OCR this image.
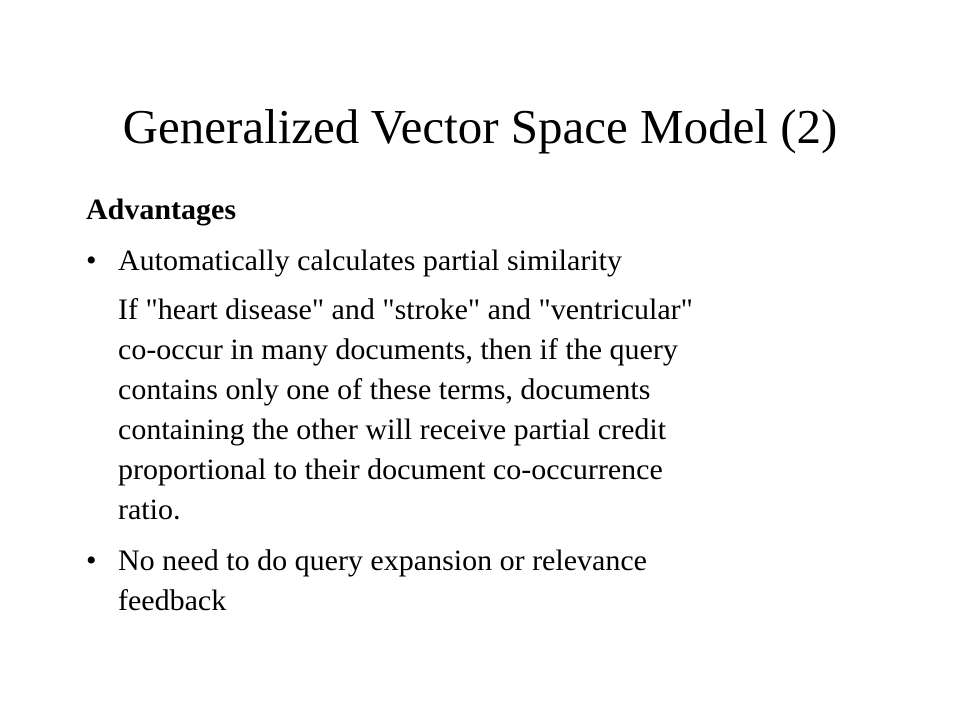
Generalized Vector Space Model (2)
Advantages
• Automatically calculates partial similarity
If "heart disease" and "stroke" and "ventricular"
co-occur in many documents, then if the query
contains only one of these terms, documents
containing the other will receive partial credit
proportional to their document co-occurrence
ratio.
• No need to do query expansion or relevance
feedback
